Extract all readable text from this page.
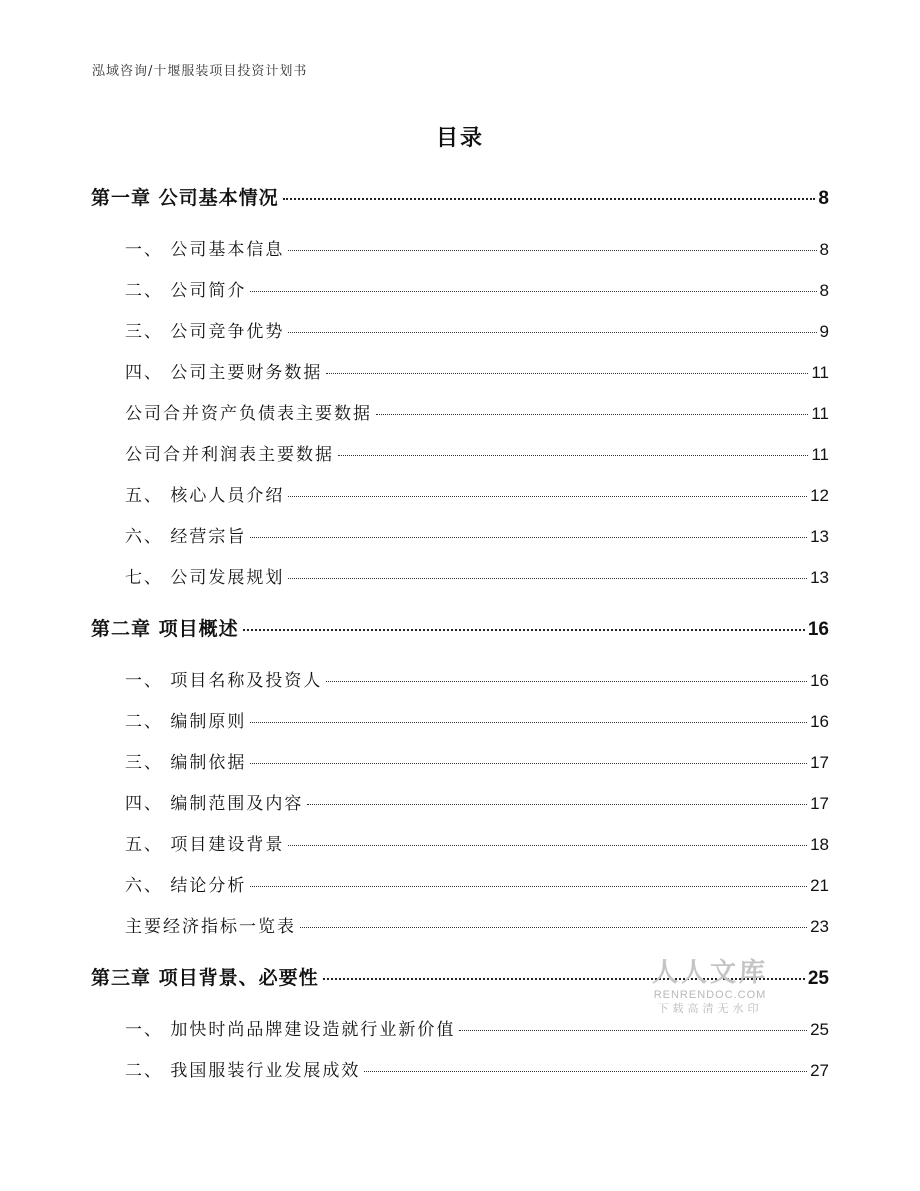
泓域咨询/十堰服装项目投资计划书
目录
第一章 公司基本情况	8
一、 公司基本信息	8
二、 公司简介	8
三、 公司竞争优势	9
四、 公司主要财务数据	11
公司合并资产负债表主要数据	11
公司合并利润表主要数据	11
五、 核心人员介绍	12
六、 经营宗旨	13
七、 公司发展规划	13
第二章 项目概述	16
一、 项目名称及投资人	16
二、 编制原则	16
三、 编制依据	17
四、 编制范围及内容	17
五、 项目建设背景	18
六、 结论分析	21
主要经济指标一览表	23
第三章 项目背景、必要性	25
一、 加快时尚品牌建设造就行业新价值	25
二、 我国服装行业发展成效	27
人人文库
RENRENDOC.COM
下载高清无水印
